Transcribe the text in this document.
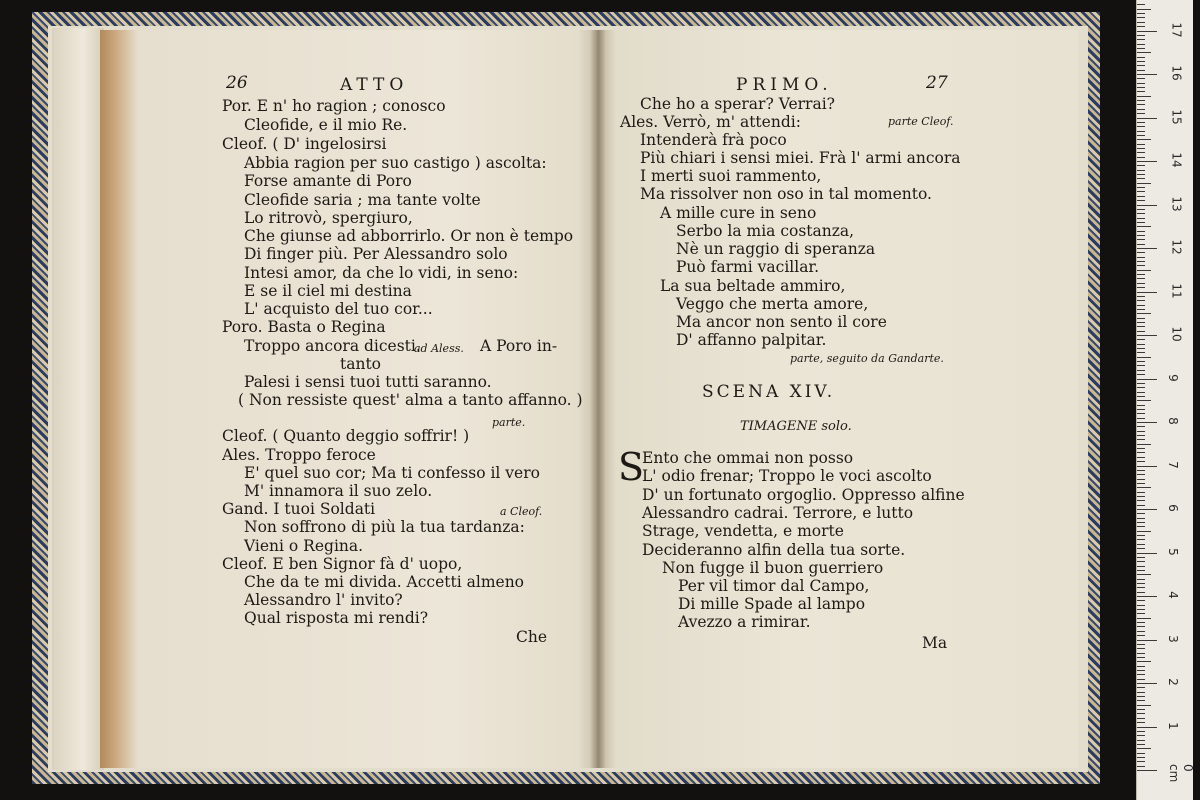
26	ATTO
Por. E n' ho ragion ; conosco
Cleofide, e il mio Re.
Cleof. ( D' ingelosirsi
Abbia ragion per suo castigo ) ascolta:
Forse amante di Poro
Cleofide saria ; ma tante volte
Lo ritrovò, spergiuro,
Che giunse ad abborrirlo. Or non è tempo
Di finger più. Per Alessandro solo
Intesi amor, da che lo vidi, in seno:
E se il ciel mi destina
L' acquisto del tuo cor...
Poro. Basta o Regina
Troppo ancora dicesti.
ad Aless. A Poro in-
tanto
Palesi i sensi tuoi tutti saranno.
( Non ressiste quest' alma a tanto affanno. )
parte.
Cleof. ( Quanto deggio soffrir! )
Ales. Troppo feroce
E' quel suo cor; Ma ti confesso il vero
M' innamora il suo zelo.
Gand. I tuoi Soldati	a Cleof.
Non soffrono di più la tua tardanza:
Vieni o Regina.
Cleof. E ben Signor fà d' uopo,
Che da te mi divida. Accetti almeno
Alessandro l' invito?
Qual risposta mi rendi?
Che
PRIMO.	27
Che ho a sperar? Verrai?
Ales. Verrò, m' attendi:	parte Cleof.
Intenderà frà poco
Più chiari i sensi miei. Frà l' armi ancora
I merti suoi rammento,
Ma rissolver non oso in tal momento.
A mille cure in seno
Serbo la mia costanza,
Nè un raggio di speranza
Può farmi vacillar.
La sua beltade ammiro,
Veggo che merta amore,
Ma ancor non sento il core
D' affanno palpitar.
parte, seguito da Gandarte.
SCENA XIV.
TIMAGENE solo.
S
Ento che ommai non posso
L' odio frenar; Troppo le voci ascolto
D' un fortunato orgoglio. Oppresso alfine
Alessandro cadrai. Terrore, e lutto
Strage, vendetta, e morte
Decideranno alfin della tua sorte.
Non fugge il buon guerriero
Per vil timor dal Campo,
Di mille Spade al lampo
Avezzo a rimirar.
Ma
0 cm
1
2
3
4
5
6
7
8
9
10
11
12
13
14
15
16
17
